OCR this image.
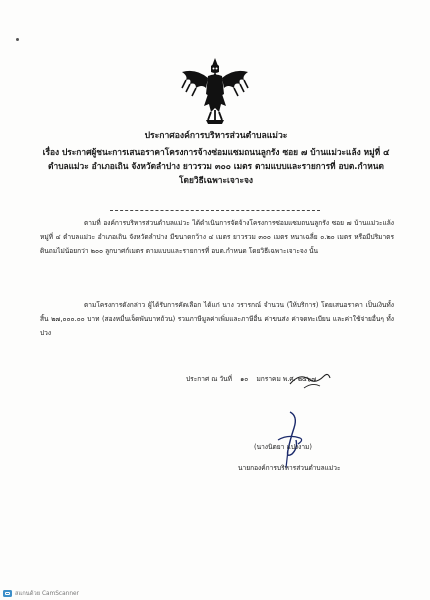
ประกาศองค์การบริหารส่วนตำบลแม่วะ
เรื่อง ประกาศผู้ชนะการเสนอราคาโครงการจ้างซ่อมแซมถนนลูกรัง ซอย ๗ บ้านแม่วะแล้ง หมู่ที่ ๔
ตำบลแม่วะ อำเภอเถิน จังหวัดลำปาง ยาวรวม ๓๐๐ เมตร ตามแบบและรายการที่ อบต.กำหนด
โดยวิธีเฉพาะเจาะจง
ตามที่ องค์การบริหารส่วนตำบลแม่วะ ได้ดำเนินการจัดจ้างโครงการซ่อมแซมถนนลูกรัง ซอย ๗ บ้านแม่วะแล้ง หมู่ที่ ๔ ตำบลแม่วะ อำเภอเถิน จังหวัดลำปาง มีขนาดกว้าง ๔ เมตร ยาวรวม ๓๐๐ เมตร หนาเฉลี่ย ๐.๒๐ เมตร หรือมีปริมาตรดินถมไม่น้อยกว่า ๒๐๐ ลูกบาศก์เมตร ตามแบบและรายการที่ อบต.กำหนด โดยวิธีเฉพาะเจาะจง นั้น
ตามโครงการดังกล่าว ผู้ได้รับการคัดเลือก ได้แก่ นาง วรารกณ์ จำนวน (ให้บริการ) โดยเสนอราคา เป็นเงินทั้งสิ้น ๒๗,๐๐๐.๐๐ บาท (สองหมื่นเจ็ดพันบาทถ้วน) รวมภาษีมูลค่าเพิ่มและภาษีอื่น ค่าขนส่ง ค่าจดทะเบียน และค่าใช้จ่ายอื่นๆ ทั้งปวง
ประกาศ ณ วันที่ ๑๐ มกราคม พ.ศ. ๒๕๖๗
(นางนิตยา แปงงาม)
นายกองค์การบริหารส่วนตำบลแม่วะ
สแกนด้วย CamScanner
